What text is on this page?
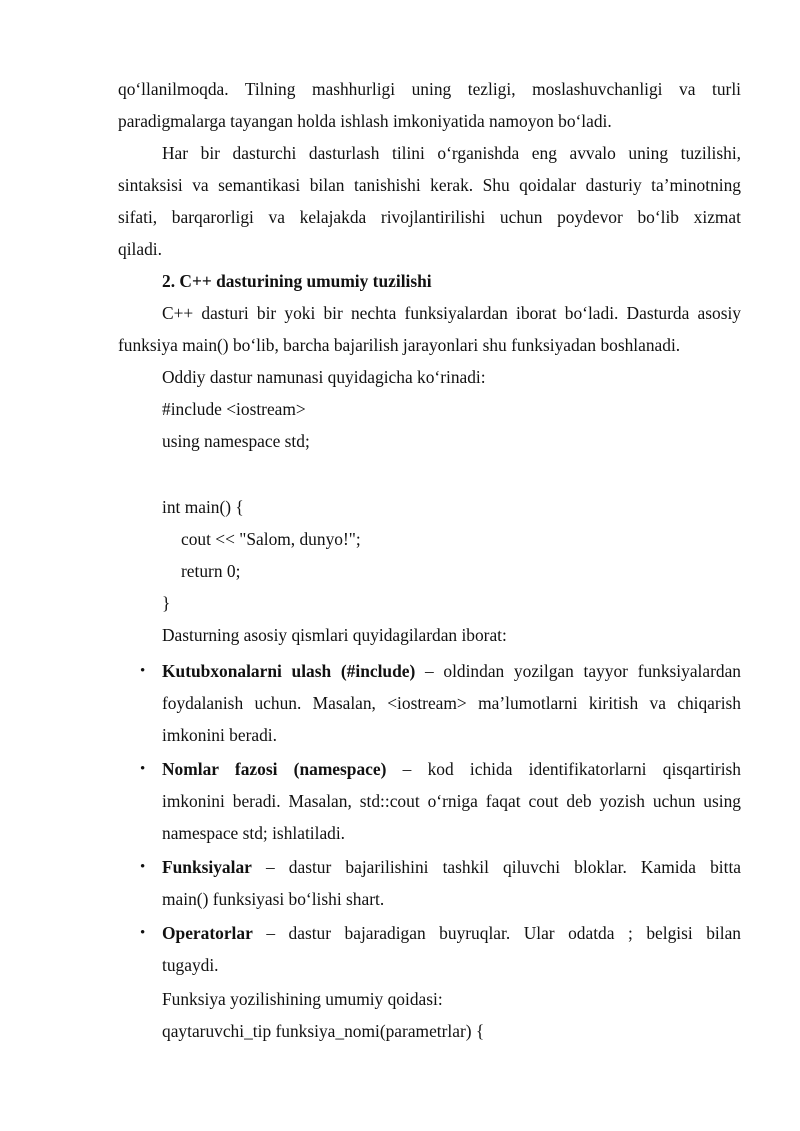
qo‘llanilmoqda. Tilning mashhurligi uning tezligi, moslashuvchanligi va turli
paradigmalarga tayangan holda ishlash imkoniyatida namoyon bo‘ladi.
Har bir dasturchi dasturlash tilini o‘rganishda eng avvalo uning tuzilishi,
sintaksisi va semantikasi bilan tanishishi kerak. Shu qoidalar dasturiy ta’minotning
sifati, barqarorligi va kelajakda rivojlantirilishi uchun poydevor bo‘lib xizmat
qiladi.
2. C++ dasturining umumiy tuzilishi
C++ dasturi bir yoki bir nechta funksiyalardan iborat bo‘ladi. Dasturda asosiy
funksiya main() bo‘lib, barcha bajarilish jarayonlari shu funksiyadan boshlanadi.
Oddiy dastur namunasi quyidagicha ko‘rinadi:
#include <iostream>
using namespace std;
int main() {
cout << "Salom, dunyo!";
return 0;
}
Dasturning asosiy qismlari quyidagilardan iborat:
• Kutubxonalarni ulash (#include) – oldindan yozilgan tayyor funksiyalardan
foydalanish uchun. Masalan, <iostream> ma’lumotlarni kiritish va chiqarish
imkonini beradi.
• Nomlar fazosi (namespace) – kod ichida identifikatorlarni qisqartirish
imkonini beradi. Masalan, std::cout o‘rniga faqat cout deb yozish uchun using
namespace std; ishlatiladi.
• Funksiyalar – dastur bajarilishini tashkil qiluvchi bloklar. Kamida bitta
main() funksiyasi bo‘lishi shart.
• Operatorlar – dastur bajaradigan buyruqlar. Ular odatda ; belgisi bilan
tugaydi.
Funksiya yozilishining umumiy qoidasi:
qaytaruvchi_tip funksiya_nomi(parametrlar) {
